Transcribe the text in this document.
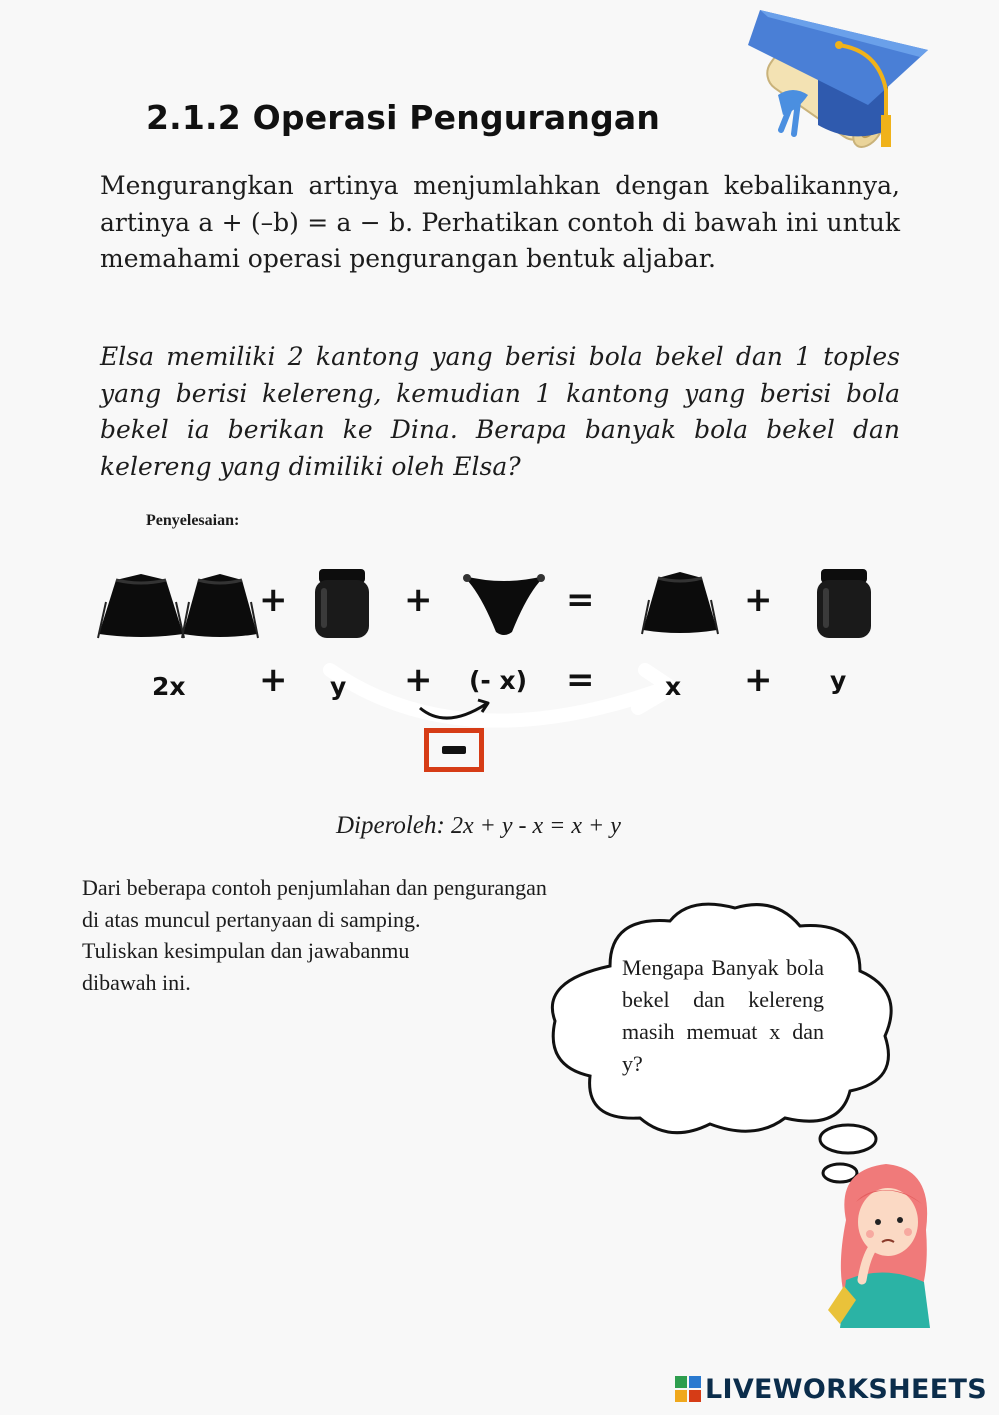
2.1.2 Operasi Pengurangan
Mengurangkan artinya menjumlahkan dengan kebalikannya, artinya a + (–b) = a − b. Perhatikan contoh di bawah ini untuk memahami operasi pengurangan bentuk aljabar.
Elsa memiliki 2 kantong yang berisi bola bekel dan 1 toples yang berisi kelereng, kemudian 1 kantong yang berisi bola bekel ia berikan ke Dina. Berapa banyak bola bekel dan kelereng yang dimiliki oleh Elsa?
Penyelesaian:
+	+	=	+
2x + y + (- x) =	x + y
Diperoleh: 2x + y - x = x + y
Dari beberapa contoh penjumlahan dan pengurangan
di atas muncul pertanyaan di samping.
Tuliskan kesimpulan dan jawabanmu
dibawah ini.
Mengapa Banyak bola bekel dan kelereng masih memuat x dan y?
LIVEWORKSHEETS
